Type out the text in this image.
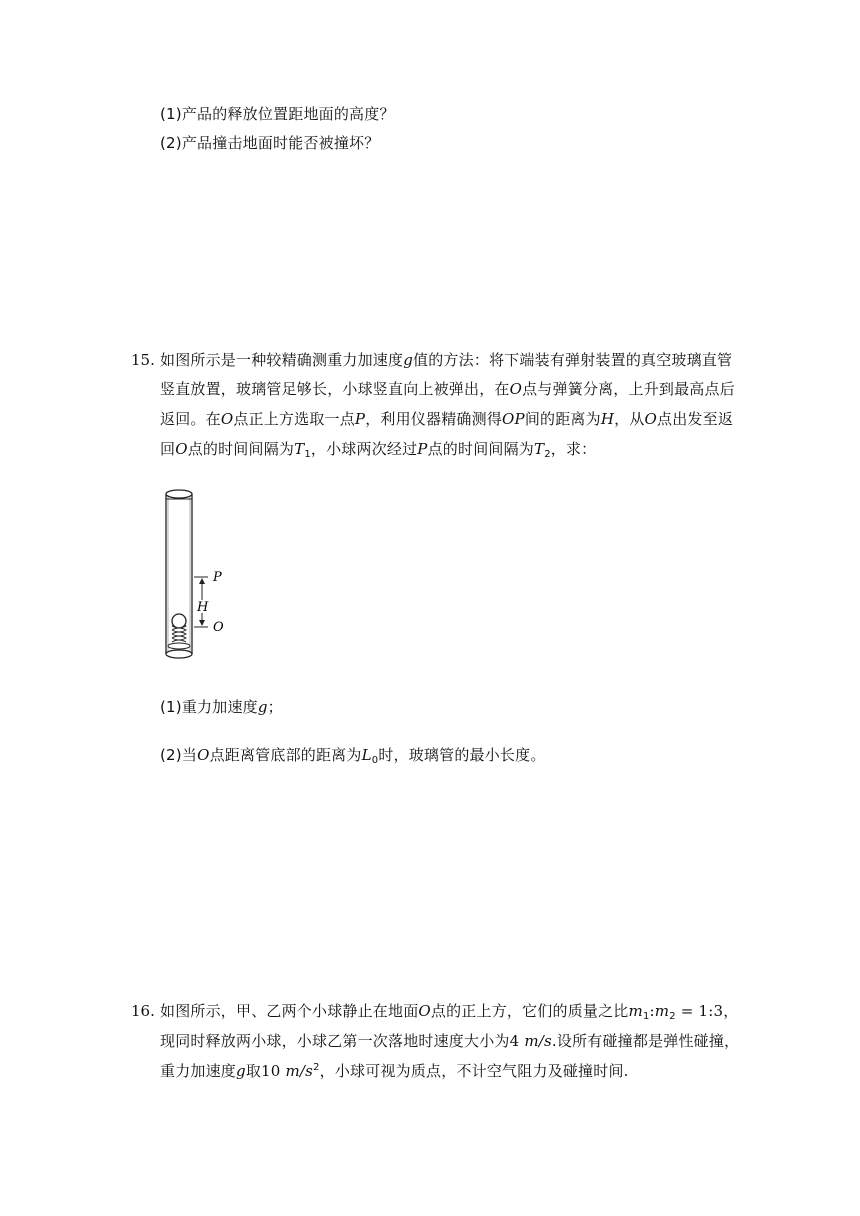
(1)产品的释放位置距地面的高度？
(2)产品撞击地面时能否被撞坏？
15. 如图所示是一种较精确测重力加速度g值的方法：将下端装有弹射装置的真空玻璃直管
竖直放置，玻璃管足够长，小球竖直向上被弹出，在O点与弹簧分离，上升到最高点后
返回。在O点正上方选取一点P，利用仪器精确测得OP间的距离为H，从O点出发至返
回O点的时间间隔为$T_1$，小球两次经过P点的时间间隔为$T_2$，求：
P
H
O
(1)重力加速度g；
(2)当O点距离管底部的距离为$L_0$时，玻璃管的最小长度。
16. 如图所示，甲、乙两个小球静止在地面O点的正上方，它们的质量之比$m_1:m_2$ = 1:3，
现同时释放两小球，小球乙第一次落地时速度大小为4 m/s.设所有碰撞都是弹性碰撞，
重力加速度g取10 $m/s^2$，小球可视为质点，不计空气阻力及碰撞时间.
